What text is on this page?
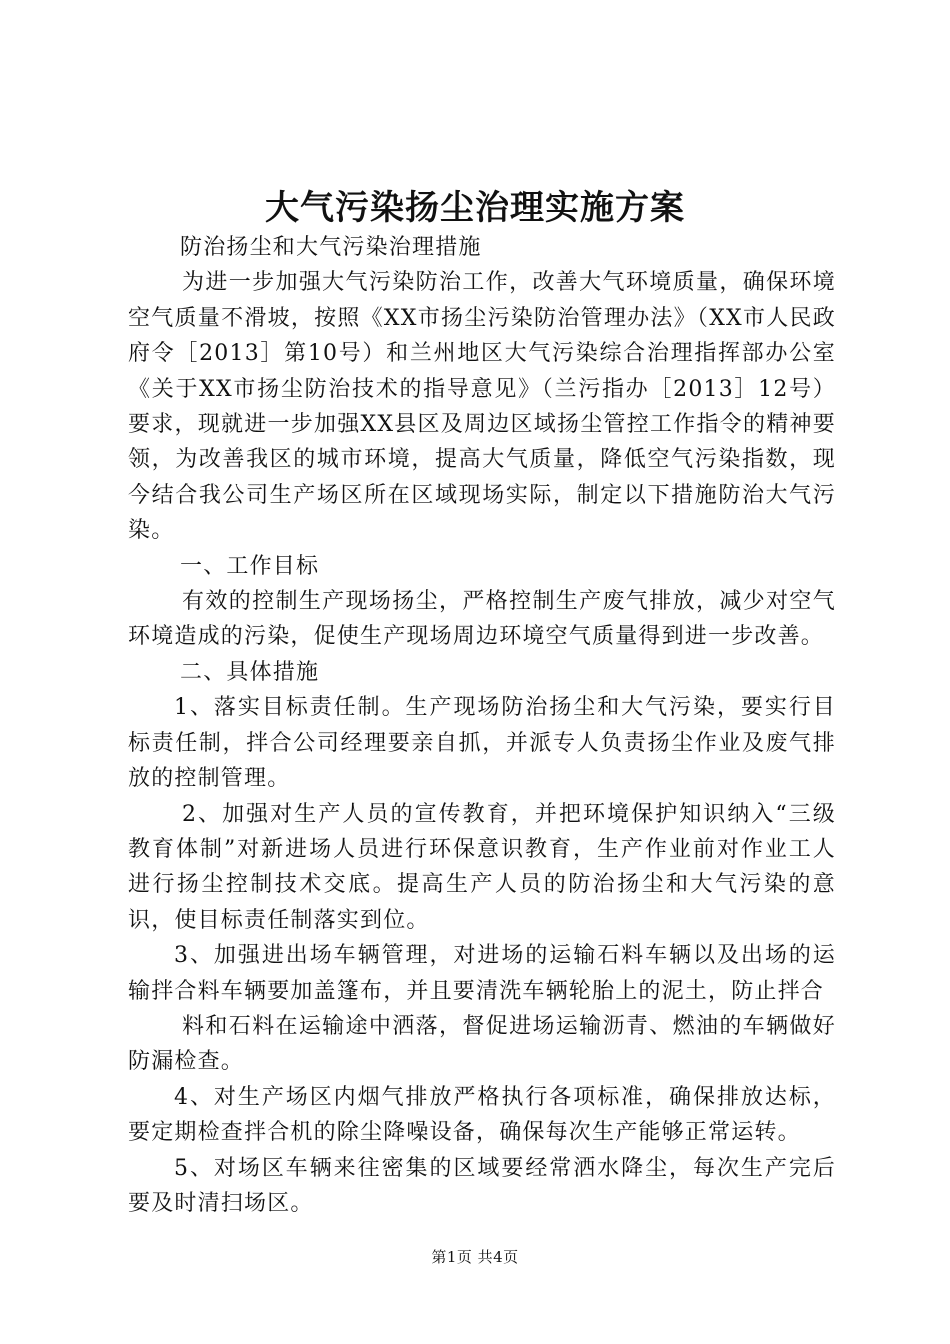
大气污染扬尘治理实施方案

防治扬尘和大气污染治理措施

为进一步加强大气污染防治工作，改善大气环境质量，确保环境空气质量不滑坡，按照《XX市扬尘污染防治管理办法》（XX市人民政府令［2013］第10号）和兰州地区大气污染综合治理指挥部办公室《关于XX市扬尘防治技术的指导意见》（兰污指办［2013］12号）要求，现就进一步加强XX县区及周边区域扬尘管控工作指令的精神要领，为改善我区的城市环境，提高大气质量，降低空气污染指数，现今结合我公司生产场区所在区域现场实际，制定以下措施防治大气污染。

一、工作目标

有效的控制生产现场扬尘，严格控制生产废气排放，减少对空气环境造成的污染，促使生产现场周边环境空气质量得到进一步改善。

二、具体措施

1、落实目标责任制。生产现场防治扬尘和大气污染，要实行目标责任制，拌合公司经理要亲自抓，并派专人负责扬尘作业及废气排放的控制管理。

2、加强对生产人员的宣传教育，并把环境保护知识纳入“三级教育体制”对新进场人员进行环保意识教育，生产作业前对作业工人进行扬尘控制技术交底。提高生产人员的防治扬尘和大气污染的意识，使目标责任制落实到位。

3、加强进出场车辆管理，对进场的运输石料车辆以及出场的运输拌合料车辆要加盖篷布，并且要清洗车辆轮胎上的泥土，防止拌合

料和石料在运输途中洒落，督促进场运输沥青、燃油的车辆做好防漏检查。

4、对生产场区内烟气排放严格执行各项标准，确保排放达标，要定期检查拌合机的除尘降噪设备，确保每次生产能够正常运转。

5、对场区车辆来往密集的区域要经常洒水降尘，每次生产完后要及时清扫场区。

第1页 共4页
